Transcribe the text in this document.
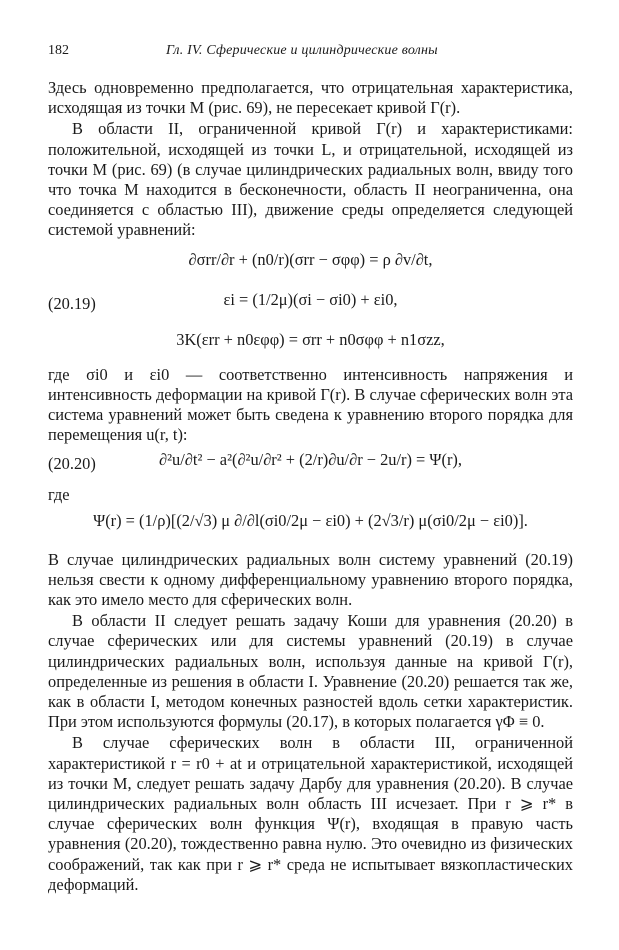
182	Гл. IV. Сферические и цилиндрические волны

Здесь одновременно предполагается, что отрицательная характеристика, исходящая из точки M (рис. 69), не пересекает кривой Γ(r).

В области II, ограниченной кривой Γ(r) и характеристиками: положительной, исходящей из точки L, и отрицательной, исходящей из точки M (рис. 69) (в случае цилиндрических радиальных волн, ввиду того что точка M находится в бесконечности, область II неограниченна, она соединяется с областью III), движение среды определяется следующей системой уравнений:

∂σrr/∂r + (n0/r)(σrr − σφφ) = ρ ∂v/∂t,
(20.19)	εi = (1/2μ)(σi − σi0) + εi0,
3K(εrr + n0εφφ) = σrr + n0σφφ + n1σzz,

где σi0 и εi0 — соответственно интенсивность напряжения и интенсивность деформации на кривой Γ(r). В случае сферических волн эта система уравнений может быть сведена к уравнению второго порядка для перемещения u(r, t):

(20.20)	∂²u/∂t² − a²(∂²u/∂r² + (2/r)∂u/∂r − 2u/r) = Ψ(r),

где

Ψ(r) = (1/ρ)[(2/√3) μ ∂/∂l(σi0/2μ − εi0) + (2√3/r) μ(σi0/2μ − εi0)].

В случае цилиндрических радиальных волн систему уравнений (20.19) нельзя свести к одному дифференциальному уравнению второго порядка, как это имело место для сферических волн.

В области II следует решать задачу Коши для уравнения (20.20) в случае сферических или для системы уравнений (20.19) в случае цилиндрических радиальных волн, используя данные на кривой Γ(r), определенные из решения в области I. Уравнение (20.20) решается так же, как в области I, методом конечных разностей вдоль сетки характеристик. При этом используются формулы (20.17), в которых полагается γΦ ≡ 0.

В случае сферических волн в области III, ограниченной характеристикой r = r0 + at и отрицательной характеристикой, исходящей из точки M, следует решать задачу Дарбу для уравнения (20.20). В случае цилиндрических радиальных волн область III исчезает. При r ⩾ r* в случае сферических волн функция Ψ(r), входящая в правую часть уравнения (20.20), тождественно равна нулю. Это очевидно из физических соображений, так как при r ⩾ r* среда не испытывает вязкопластических деформаций.
